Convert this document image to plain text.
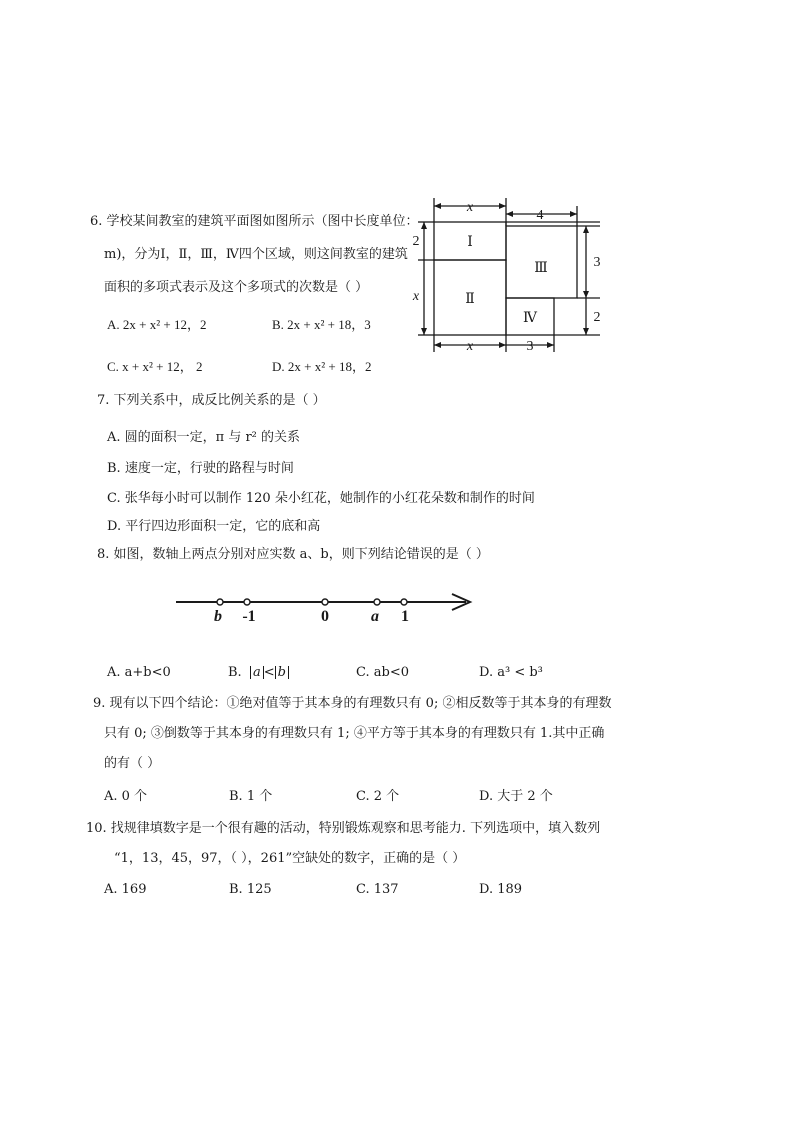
6. 学校某间教室的建筑平面图如图所示（图中长度单位：
m)，分为Ⅰ，Ⅱ，Ⅲ，Ⅳ四个区域，则这间教室的建筑
面积的多项式表示及这个多项式的次数是（ ）
A. 2x + x² + 12，2	B. 2x + x² + 18，3
C. x + x² + 12， 2	D. 2x + x² + 18，2
x
4
2
x
3
2
x	3
Ⅰ
Ⅱ
Ⅲ
Ⅳ
7. 下列关系中，成反比例关系的是（ ）
A. 圆的面积一定，π 与 r² 的关系
B. 速度一定，行驶的路程与时间
C. 张华每小时可以制作 120 朵小红花，她制作的小红花朵数和制作的时间
D. 平行四边形面积一定，它的底和高
8. 如图，数轴上两点分别对应实数 a、b，则下列结论错误的是（ ）
b -1	0	a 1
A. a+b<0	B. a < b	C. ab<0	D. a³ < b³
9. 现有以下四个结论：①绝对值等于其本身的有理数只有 0; ②相反数等于其本身的有理数
只有 0; ③倒数等于其本身的有理数只有 1; ④平方等于其本身的有理数只有 1.其中正确
的有（ ）
A. 0 个	B. 1 个	C. 2 个	D. 大于 2 个
10. 找规律填数字是一个很有趣的活动，特别锻炼观察和思考能力. 下列选项中，填入数列
“1，13，45，97，（ ），261”空缺处的数字，正确的是（ ）
A. 169	B. 125	C. 137	D. 189
